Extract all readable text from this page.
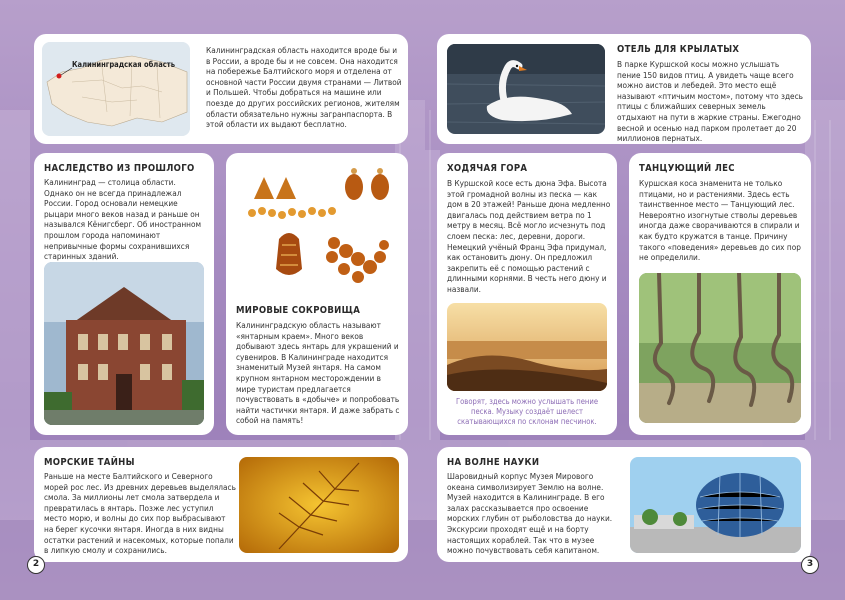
Калининградская область
Калининградская область находится вроде бы и в России, а вроде бы и не совсем. Она находится на побережье Балтийского моря и отделена от основной части России двумя странами — Литвой и Польшей. Чтобы добраться на машине или поезде до других российских регионов, жителям области обязательно нужны загранпаспорта. В этой области их выдают бесплатно.
ОТЕЛЬ ДЛЯ КРЫЛАТЫХ
В парке Куршской косы можно услышать пение 150 видов птиц. А увидеть чаще всего можно аистов и лебедей. Это место ещё называют «птичьим мостом», потому что здесь птицы с ближайших северных земель отдыхают на пути в жаркие страны. Ежегодно весной и осенью над парком пролетает до 20 миллионов пернатых.
НАСЛЕДСТВО ИЗ ПРОШЛОГО
Калининград — столица области. Однако он не всегда принадлежал России. Город основали немецкие рыцари много веков назад и раньше он назывался Кёнигсберг. Об иностранном прошлом города напоминают непривычные формы сохранившихся старинных зданий.
МИРОВЫЕ СОКРОВИЩА
Калининградскую область называют «янтарным краем». Много веков добывают здесь янтарь для украшений и сувениров. В Калининграде находится знаменитый Музей янтаря. На самом крупном янтарном месторождении в мире туристам предлагается почувствовать в «добыче» и попробовать найти частички янтаря. И даже забрать с собой на память!
ХОДЯЧАЯ ГОРА
В Куршской косе есть дюна Эфа. Высота этой громадной волны из песка — как дом в 20 этажей! Раньше дюна медленно двигалась под действием ветра по 1 метру в месяц. Всё могло исчезнуть под слоем песка: лес, деревни, дороги. Немецкий учёный Франц Эфа придумал, как остановить дюну. Он предложил закрепить её с помощью растений с длинными корнями. В честь него дюну и назвали.
Говорят, здесь можно услышать пение песка. Музыку создаёт шелест скатывающихся по склонам песчинок.
ТАНЦУЮЩИЙ ЛЕС
Куршская коса знаменита не только птицами, но и растениями. Здесь есть таинственное место — Танцующий лес. Невероятно изогнутые стволы деревьев иногда даже сворачиваются в спирали и как будто кружатся в танце. Причину такого «поведения» деревьев до сих пор не определили.
МОРСКИЕ ТАЙНЫ
Раньше на месте Балтийского и Северного морей рос лес. Из древних деревьев выделялась смола. За миллионы лет смола затвердела и превратилась в янтарь. Позже лес уступил место морю, и волны до сих пор выбрасывают на берег кусочки янтаря. Иногда в них видны остатки растений и насекомых, которые попали в липкую смолу и сохранились.
НА ВОЛНЕ НАУКИ
Шаровидный корпус Музея Мирового океана символизирует Землю на волне. Музей находится в Калининграде. В его залах рассказывается про освоение морских глубин от рыболовства до науки. Экскурсии проходят ещё и на борту настоящих кораблей. Так что в музее можно почувствовать себя капитаном.
2	3
